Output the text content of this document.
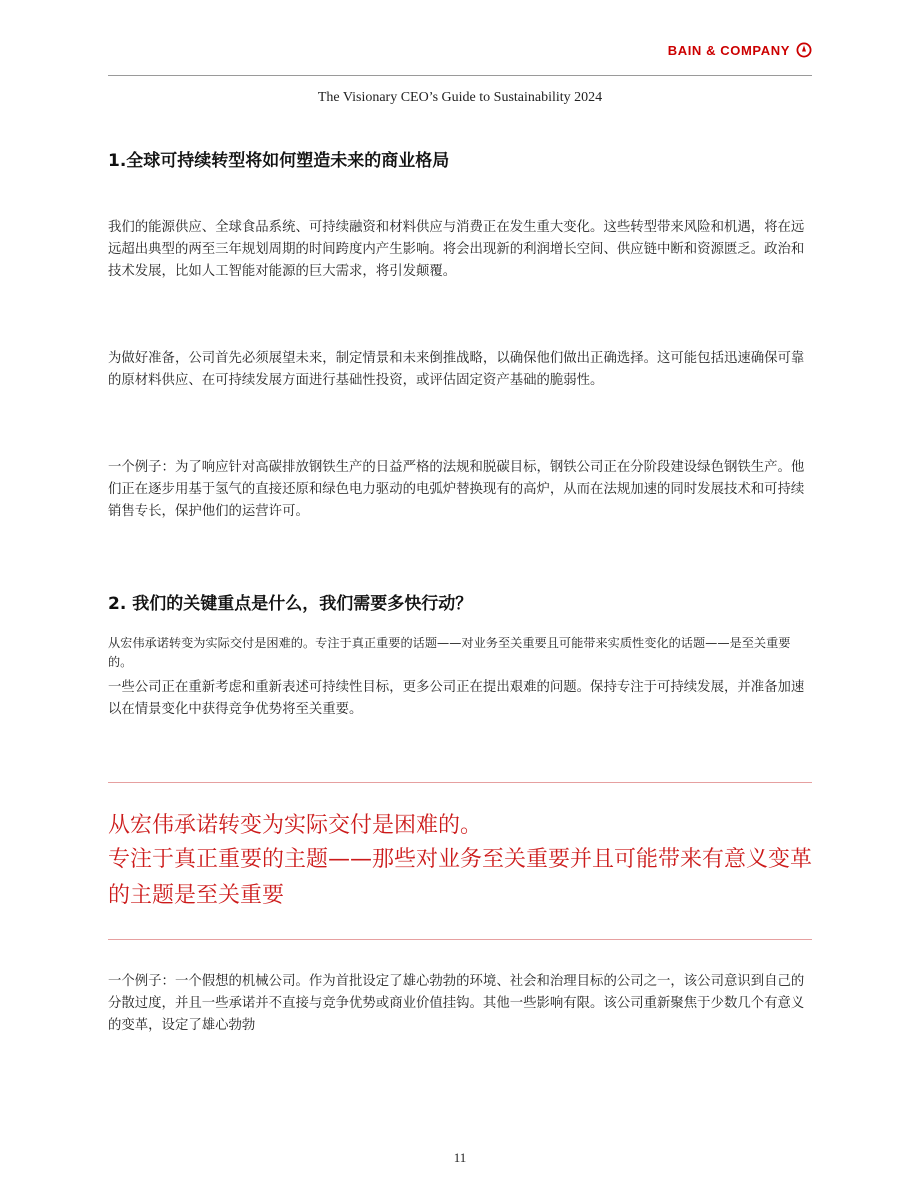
BAIN & COMPANY
The Visionary CEO’s Guide to Sustainability 2024
1.全球可持续转型将如何塑造未来的商业格局
我们的能源供应、全球食品系统、可持续融资和材料供应与消费正在发生重大变化。这些转型带来风险和机遇，将在远远超出典型的两至三年规划周期的时间跨度内产生影响。将会出现新的利润增长空间、供应链中断和资源匮乏。政治和技术发展，比如人工智能对能源的巨大需求，将引发颠覆。
为做好准备，公司首先必须展望未来，制定情景和未来倒推战略，以确保他们做出正确选择。这可能包括迅速确保可靠的原材料供应、在可持续发展方面进行基础性投资，或评估固定资产基础的脆弱性。
一个例子：为了响应针对高碳排放钢铁生产的日益严格的法规和脱碳目标，钢铁公司正在分阶段建设绿色钢铁生产。他们正在逐步用基于氢气的直接还原和绿色电力驱动的电弧炉替换现有的高炉，从而在法规加速的同时发展技术和可持续销售专长，保护他们的运营许可。
2. 我们的关键重点是什么，我们需要多快行动？
从宏伟承诺转变为实际交付是困难的。专注于真正重要的话题——对业务至关重要且可能带来实质性变化的话题——是至关重要的。
一些公司正在重新考虑和重新表述可持续性目标，更多公司正在提出艰难的问题。保持专注于可持续发展，并准备加速以在情景变化中获得竞争优势将至关重要。
从宏伟承诺转变为实际交付是困难的。
专注于真正重要的主题——那些对业务至关重要并且可能带来有意义变革的主题是至关重要
一个例子：一个假想的机械公司。作为首批设定了雄心勃勃的环境、社会和治理目标的公司之一，该公司意识到自己的分散过度，并且一些承诺并不直接与竞争优势或商业价值挂钩。其他一些影响有限。该公司重新聚焦于少数几个有意义的变革，设定了雄心勃勃
11
